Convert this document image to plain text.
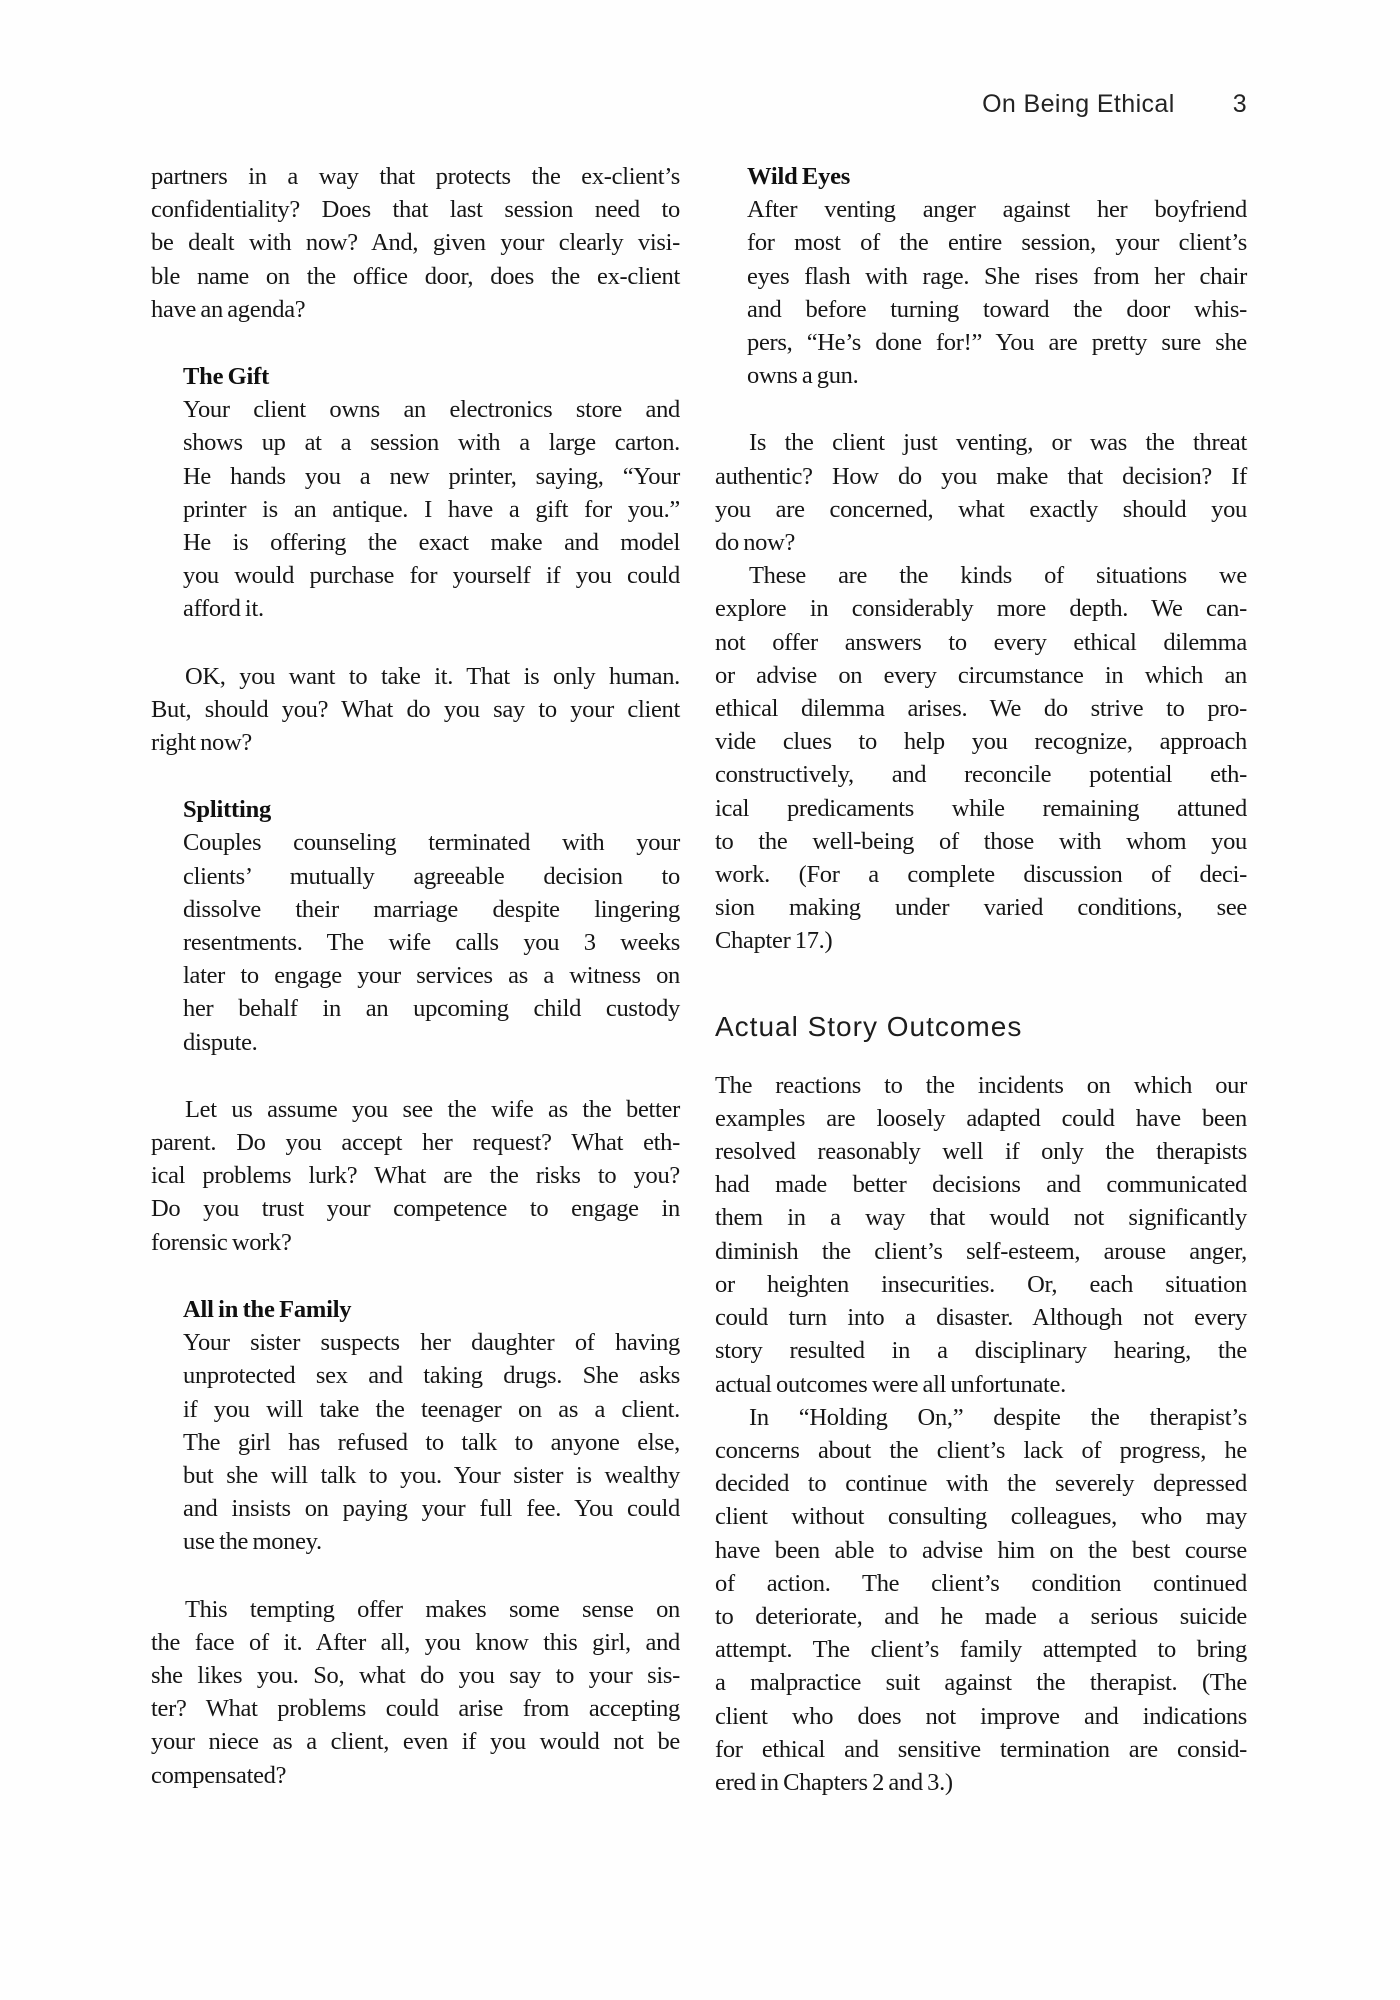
On Being Ethical 3
partners in a way that protects the ex-client’s
confidentiality? Does that last session need to
be dealt with now? And, given your clearly visi-
ble name on the office door, does the ex-client
have an agenda?
The Gift
Your client owns an electronics store and
shows up at a session with a large carton.
He hands you a new printer, saying, “Your
printer is an antique. I have a gift for you.”
He is offering the exact make and model
you would purchase for yourself if you could
afford it.
OK, you want to take it. That is only human.
But, should you? What do you say to your client
right now?
Splitting
Couples counseling terminated with your
clients’ mutually agreeable decision to
dissolve their marriage despite lingering
resentments. The wife calls you 3 weeks
later to engage your services as a witness on
her behalf in an upcoming child custody
dispute.
Let us assume you see the wife as the better
parent. Do you accept her request? What eth-
ical problems lurk? What are the risks to you?
Do you trust your competence to engage in
forensic work?
All in the Family
Your sister suspects her daughter of having
unprotected sex and taking drugs. She asks
if you will take the teenager on as a client.
The girl has refused to talk to anyone else,
but she will talk to you. Your sister is wealthy
and insists on paying your full fee. You could
use the money.
This tempting offer makes some sense on
the face of it. After all, you know this girl, and
she likes you. So, what do you say to your sis-
ter? What problems could arise from accepting
your niece as a client, even if you would not be
compensated?
Wild Eyes
After venting anger against her boyfriend
for most of the entire session, your client’s
eyes flash with rage. She rises from her chair
and before turning toward the door whis-
pers, “He’s done for!” You are pretty sure she
owns a gun.
Is the client just venting, or was the threat
authentic? How do you make that decision? If
you are concerned, what exactly should you
do now?
These are the kinds of situations we
explore in considerably more depth. We can-
not offer answers to every ethical dilemma
or advise on every circumstance in which an
ethical dilemma arises. We do strive to pro-
vide clues to help you recognize, approach
constructively, and reconcile potential eth-
ical predicaments while remaining attuned
to the well-being of those with whom you
work. (For a complete discussion of deci-
sion making under varied conditions, see
Chapter 17.)
Actual Story Outcomes
The reactions to the incidents on which our
examples are loosely adapted could have been
resolved reasonably well if only the therapists
had made better decisions and communicated
them in a way that would not significantly
diminish the client’s self-esteem, arouse anger,
or heighten insecurities. Or, each situation
could turn into a disaster. Although not every
story resulted in a disciplinary hearing, the
actual outcomes were all unfortunate.
In “Holding On,” despite the therapist’s
concerns about the client’s lack of progress, he
decided to continue with the severely depressed
client without consulting colleagues, who may
have been able to advise him on the best course
of action. The client’s condition continued
to deteriorate, and he made a serious suicide
attempt. The client’s family attempted to bring
a malpractice suit against the therapist. (The
client who does not improve and indications
for ethical and sensitive termination are consid-
ered in Chapters 2 and 3.)
